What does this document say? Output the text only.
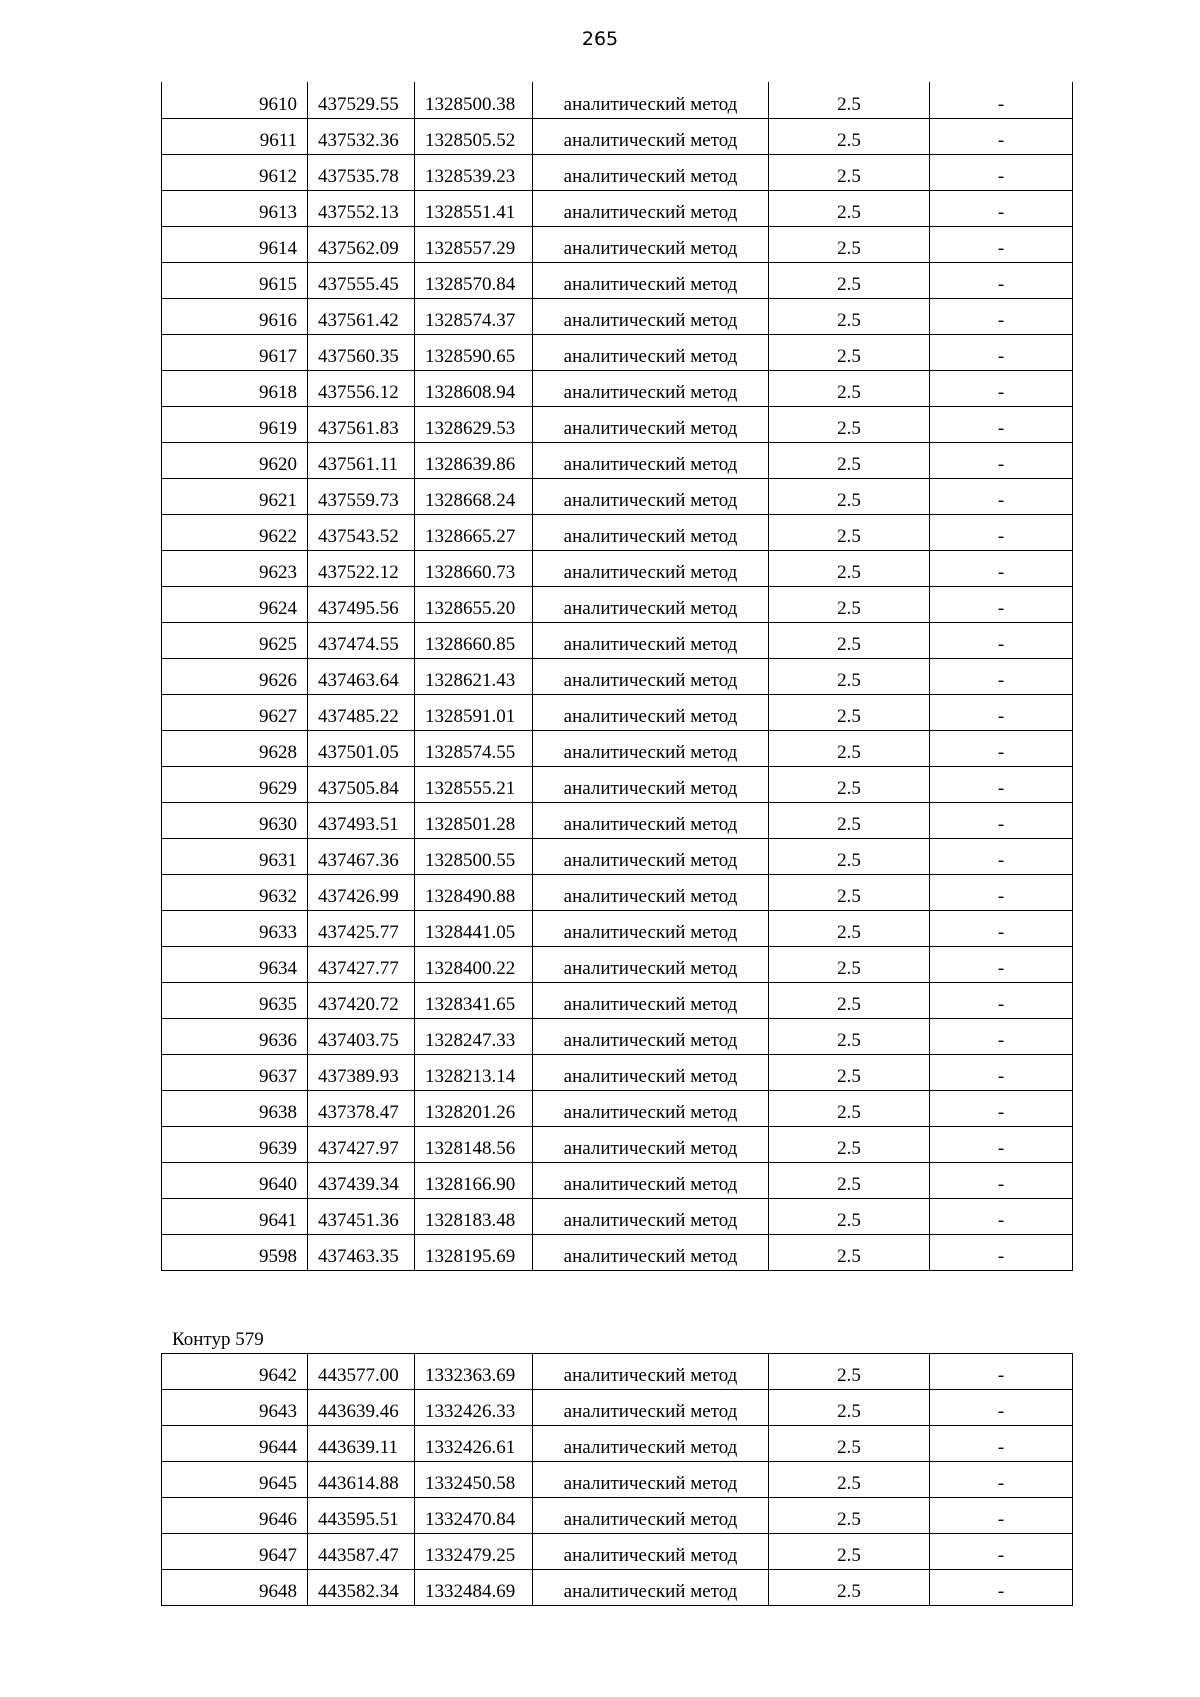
265
9610	437529.55	1328500.38	аналитический метод	2.5	-
9611	437532.36	1328505.52	аналитический метод	2.5	-
9612	437535.78	1328539.23	аналитический метод	2.5	-
9613	437552.13	1328551.41	аналитический метод	2.5	-
9614	437562.09	1328557.29	аналитический метод	2.5	-
9615	437555.45	1328570.84	аналитический метод	2.5	-
9616	437561.42	1328574.37	аналитический метод	2.5	-
9617	437560.35	1328590.65	аналитический метод	2.5	-
9618	437556.12	1328608.94	аналитический метод	2.5	-
9619	437561.83	1328629.53	аналитический метод	2.5	-
9620	437561.11	1328639.86	аналитический метод	2.5	-
9621	437559.73	1328668.24	аналитический метод	2.5	-
9622	437543.52	1328665.27	аналитический метод	2.5	-
9623	437522.12	1328660.73	аналитический метод	2.5	-
9624	437495.56	1328655.20	аналитический метод	2.5	-
9625	437474.55	1328660.85	аналитический метод	2.5	-
9626	437463.64	1328621.43	аналитический метод	2.5	-
9627	437485.22	1328591.01	аналитический метод	2.5	-
9628	437501.05	1328574.55	аналитический метод	2.5	-
9629	437505.84	1328555.21	аналитический метод	2.5	-
9630	437493.51	1328501.28	аналитический метод	2.5	-
9631	437467.36	1328500.55	аналитический метод	2.5	-
9632	437426.99	1328490.88	аналитический метод	2.5	-
9633	437425.77	1328441.05	аналитический метод	2.5	-
9634	437427.77	1328400.22	аналитический метод	2.5	-
9635	437420.72	1328341.65	аналитический метод	2.5	-
9636	437403.75	1328247.33	аналитический метод	2.5	-
9637	437389.93	1328213.14	аналитический метод	2.5	-
9638	437378.47	1328201.26	аналитический метод	2.5	-
9639	437427.97	1328148.56	аналитический метод	2.5	-
9640	437439.34	1328166.90	аналитический метод	2.5	-
9641	437451.36	1328183.48	аналитический метод	2.5	-
9598	437463.35	1328195.69	аналитический метод	2.5	-
Контур 579
9642	443577.00	1332363.69	аналитический метод	2.5	-
9643	443639.46	1332426.33	аналитический метод	2.5	-
9644	443639.11	1332426.61	аналитический метод	2.5	-
9645	443614.88	1332450.58	аналитический метод	2.5	-
9646	443595.51	1332470.84	аналитический метод	2.5	-
9647	443587.47	1332479.25	аналитический метод	2.5	-
9648	443582.34	1332484.69	аналитический метод	2.5	-
